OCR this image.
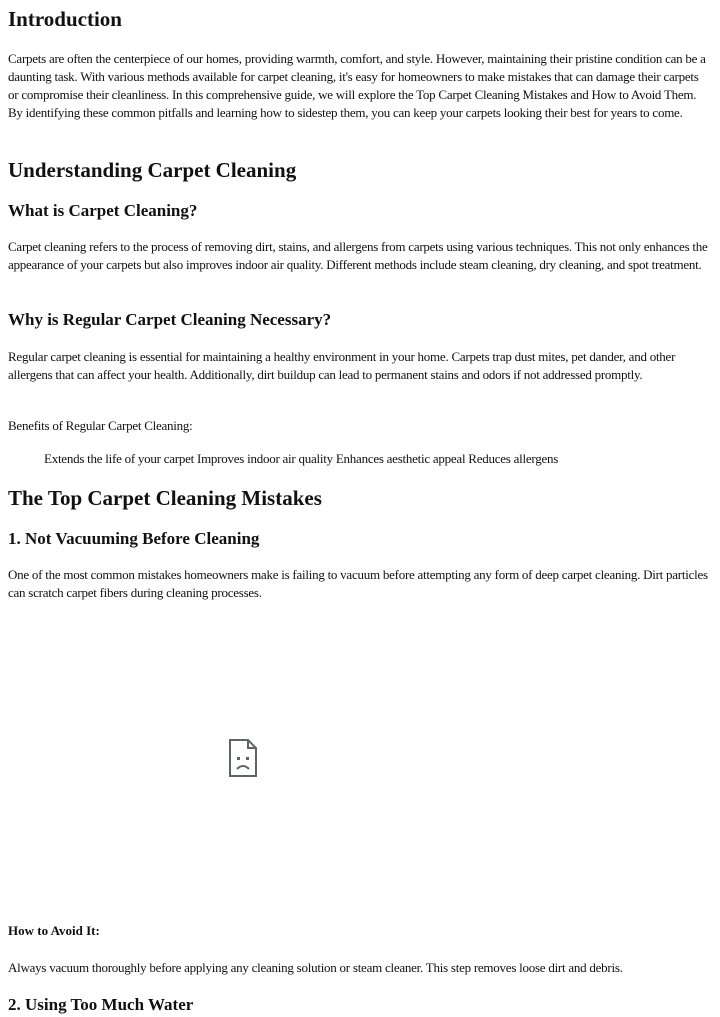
Introduction

Carpets are often the centerpiece of our homes, providing warmth, comfort, and style. However, maintaining their pristine condition can be a daunting task. With various methods available for carpet cleaning, it's easy for homeowners to make mistakes that can damage their carpets or compromise their cleanliness. In this comprehensive guide, we will explore the Top Carpet Cleaning Mistakes and How to Avoid Them. By identifying these common pitfalls and learning how to sidestep them, you can keep your carpets looking their best for years to come.

Understanding Carpet Cleaning
What is Carpet Cleaning?

Carpet cleaning refers to the process of removing dirt, stains, and allergens from carpets using various techniques. This not only enhances the appearance of your carpets but also improves indoor air quality. Different methods include steam cleaning, dry cleaning, and spot treatment.

Why is Regular Carpet Cleaning Necessary?

Regular carpet cleaning is essential for maintaining a healthy environment in your home. Carpets trap dust mites, pet dander, and other allergens that can affect your health. Additionally, dirt buildup can lead to permanent stains and odors if not addressed promptly.

Benefits of Regular Carpet Cleaning:

Extends the life of your carpet Improves indoor air quality Enhances aesthetic appeal Reduces allergens

The Top Carpet Cleaning Mistakes
1. Not Vacuuming Before Cleaning

One of the most common mistakes homeowners make is failing to vacuum before attempting any form of deep carpet cleaning. Dirt particles can scratch carpet fibers during cleaning processes.

How to Avoid It:

Always vacuum thoroughly before applying any cleaning solution or steam cleaner. This step removes loose dirt and debris.

2. Using Too Much Water
